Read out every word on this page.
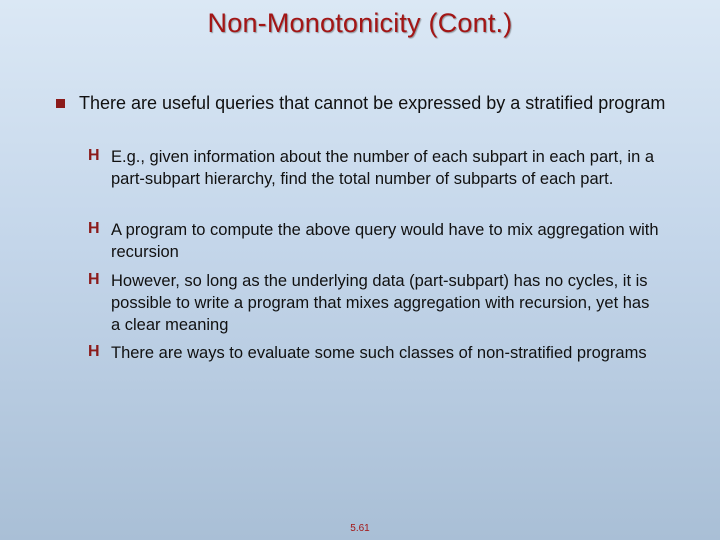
Non-Monotonicity (Cont.)
There are useful queries that cannot be expressed by a stratified program
H E.g., given information about the number of each subpart in each part, in a part-subpart hierarchy, find the total number of subparts of each part.
H A program to compute the above query would have to mix aggregation with recursion
H However, so long as the underlying data (part-subpart) has no cycles, it is possible to write a program that mixes aggregation with recursion, yet has a clear meaning
H There are ways to evaluate some such classes of non-stratified programs
5.61
